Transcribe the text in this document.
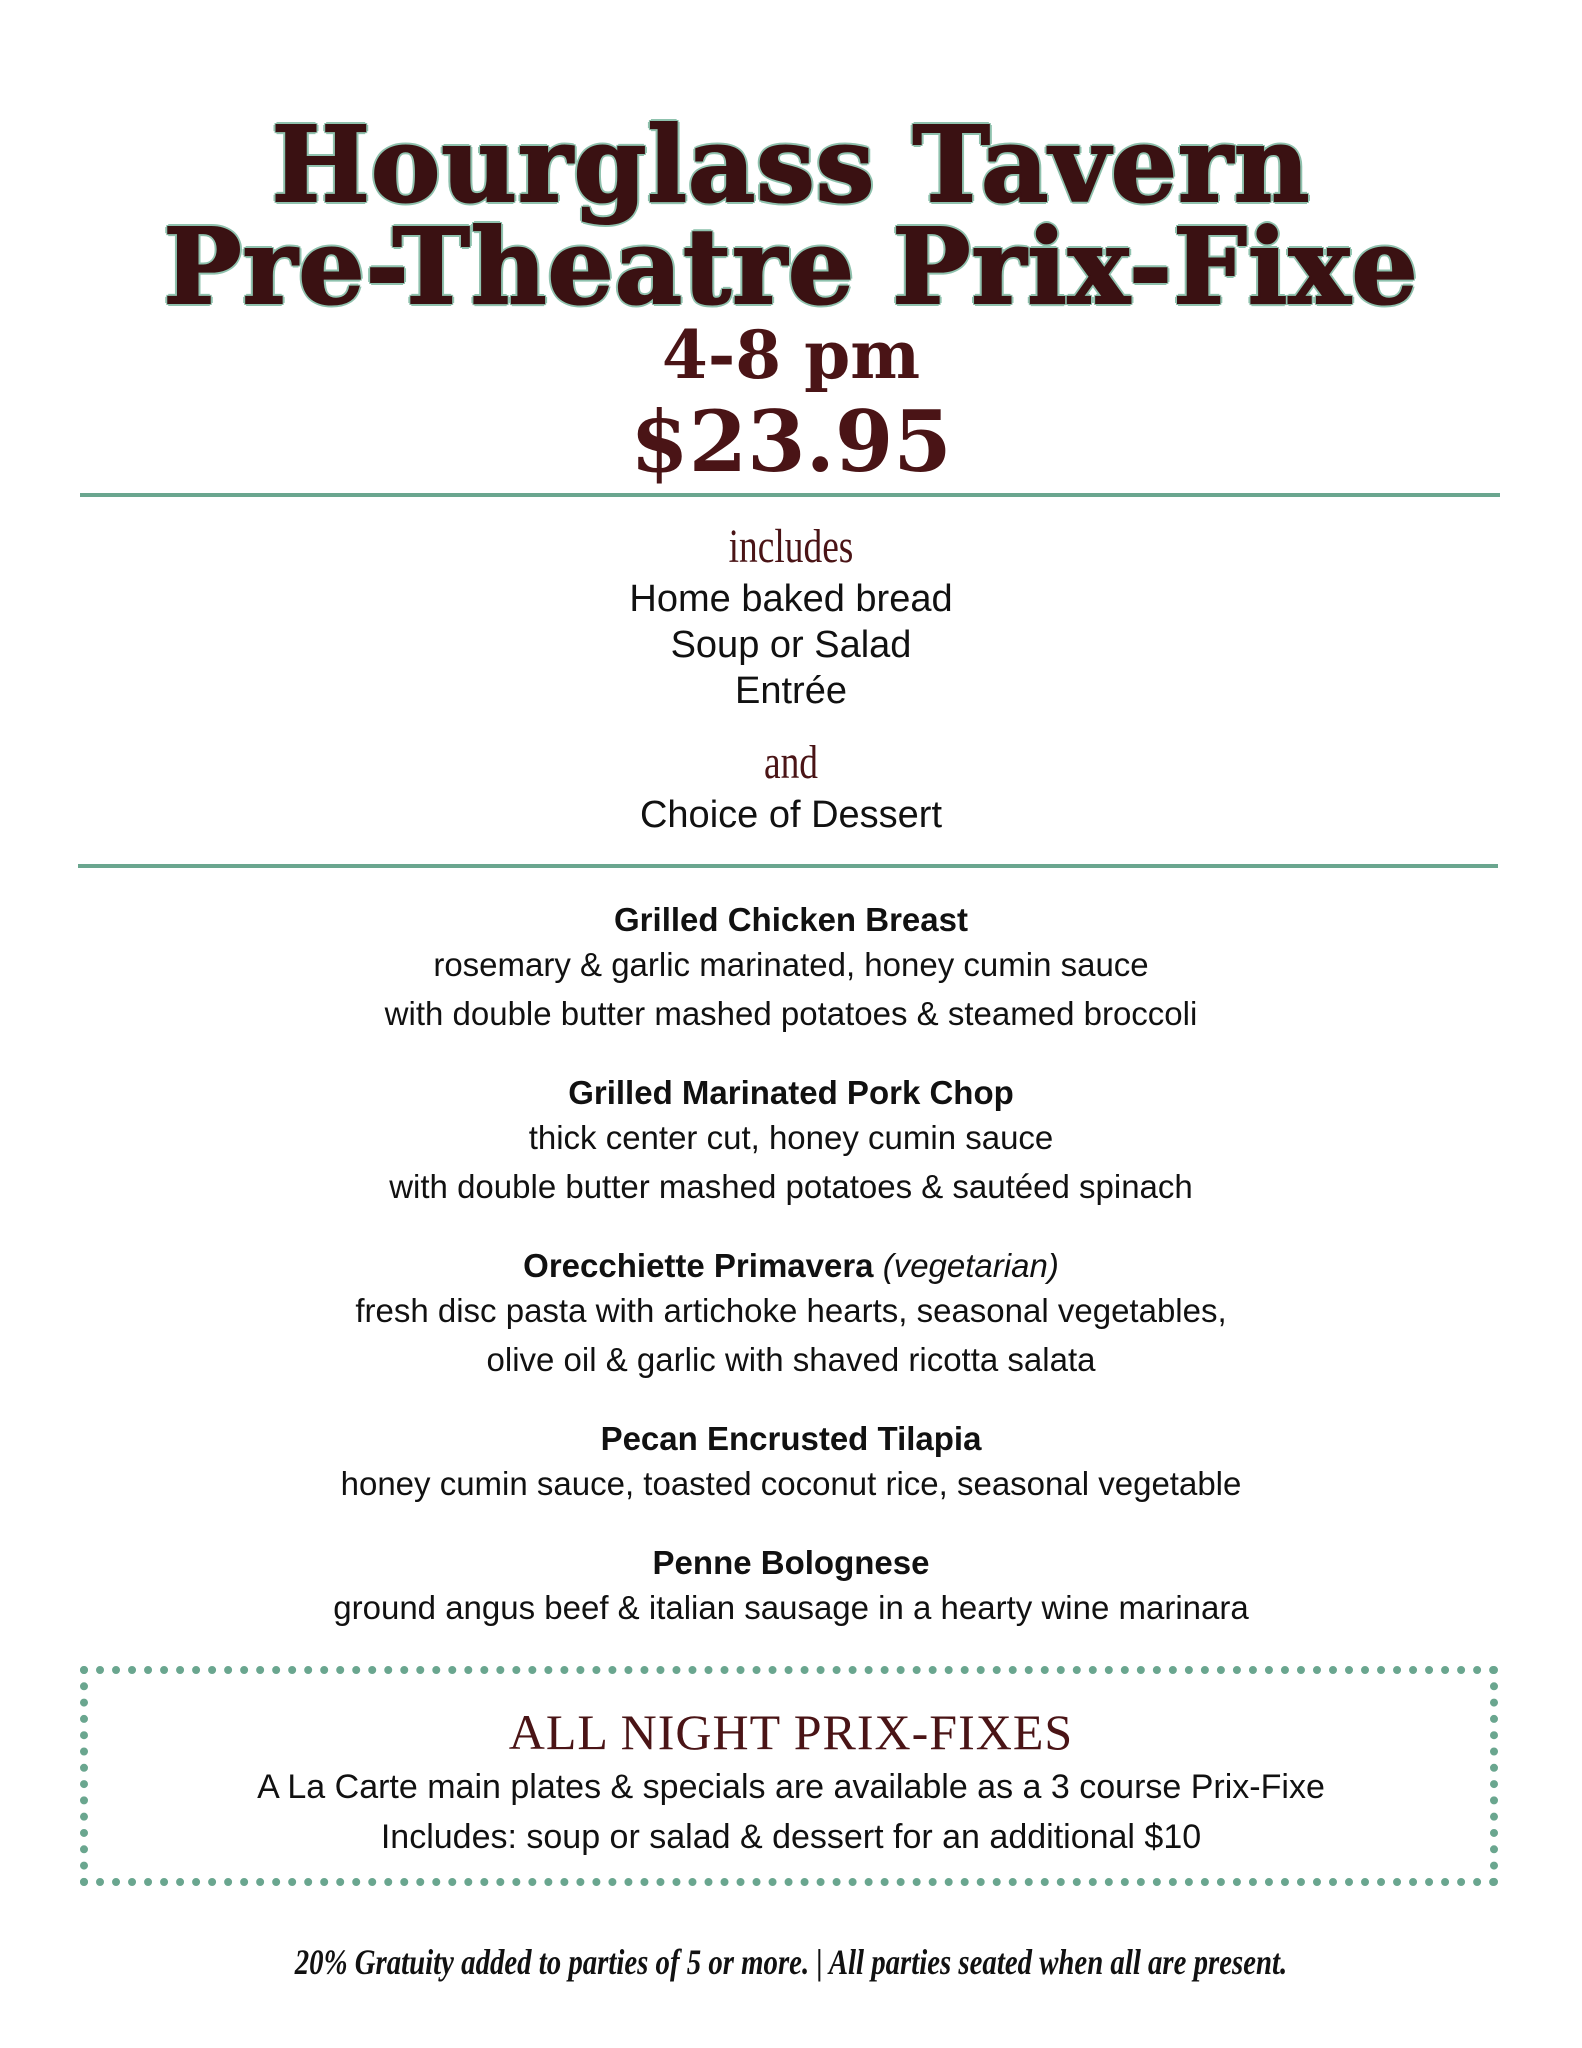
Hourglass Tavern
Pre-Theatre Prix-Fixe
4-8 pm
$23.95
includes
Home baked bread
Soup or Salad
Entrée
and
Choice of Dessert
Grilled Chicken Breast
rosemary & garlic marinated, honey cumin sauce
with double butter mashed potatoes & steamed broccoli
Grilled Marinated Pork Chop
thick center cut, honey cumin sauce
with double butter mashed potatoes & sautéed spinach
Orecchiette Primavera (vegetarian)
fresh disc pasta with artichoke hearts, seasonal vegetables,
olive oil & garlic with shaved ricotta salata
Pecan Encrusted Tilapia
honey cumin sauce, toasted coconut rice, seasonal vegetable
Penne Bolognese
ground angus beef & italian sausage in a hearty wine marinara
ALL NIGHT PRIX-FIXES
A La Carte main plates & specials are available as a 3 course Prix-Fixe
Includes: soup or salad & dessert for an additional $10
20% Gratuity added to parties of 5 or more. | All parties seated when all are present.
